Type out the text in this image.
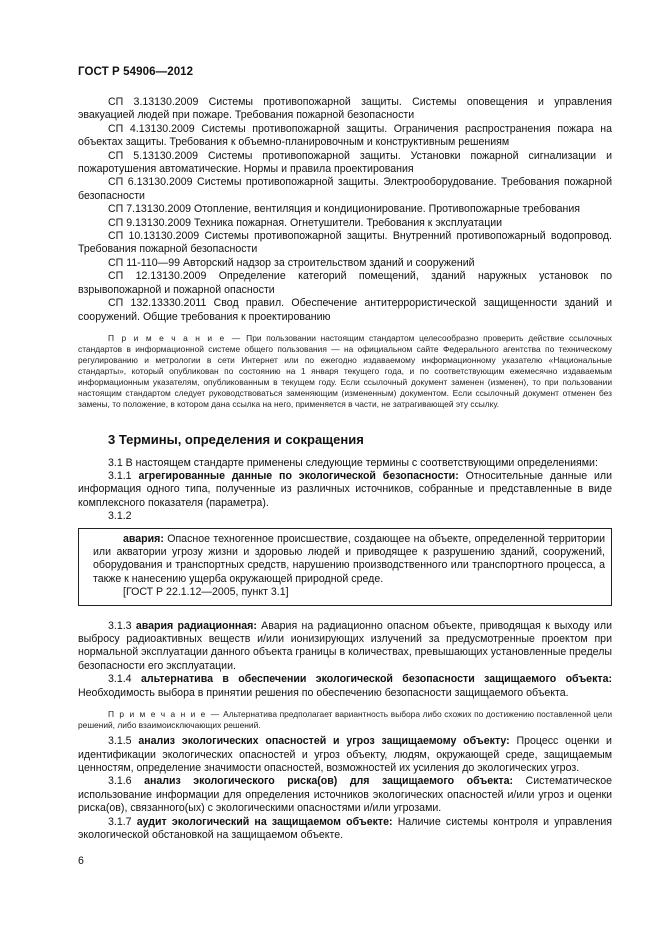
ГОСТ Р 54906—2012

СП 3.13130.2009 Системы противопожарной защиты. Системы оповещения и управления эвакуацией людей при пожаре. Требования пожарной безопасности

СП 4.13130.2009 Системы противопожарной защиты. Ограничения распространения пожара на объектах защиты. Требования к объемно-планировочным и конструктивным решениям

СП 5.13130.2009 Системы противопожарной защиты. Установки пожарной сигнализации и пожаротушения автоматические. Нормы и правила проектирования

СП 6.13130.2009 Системы противопожарной защиты. Электрооборудование. Требования пожарной безопасности

СП 7.13130.2009 Отопление, вентиляция и кондиционирование. Противопожарные требования

СП 9.13130.2009 Техника пожарная. Огнетушители. Требования к эксплуатации

СП 10.13130.2009 Системы противопожарной защиты. Внутренний противопожарный водопровод. Требования пожарной безопасности

СП 11-110—99 Авторский надзор за строительством зданий и сооружений

СП 12.13130.2009 Определение категорий помещений, зданий наружных установок по взрывопожарной и пожарной опасности

СП 132.13330.2011 Свод правил. Обеспечение антитеррористической защищенности зданий и сооружений. Общие требования к проектированию

П р и м е ч а н и е — При пользовании настоящим стандартом целесообразно проверить действие ссылочных стандартов в информационной системе общего пользования — на официальном сайте Федерального агентства по техническому регулированию и метрологии в сети Интернет или по ежегодно издаваемому информационному указателю «Национальные стандарты», который опубликован по состоянию на 1 января текущего года, и по соответствующим ежемесячно издаваемым информационным указателям, опубликованным в текущем году. Если ссылочный документ заменен (изменен), то при пользовании настоящим стандартом следует руководствоваться заменяющим (измененным) документом. Если ссылочный документ отменен без замены, то положение, в котором дана ссылка на него, применяется в части, не затрагивающей эту ссылку.

3 Термины, определения и сокращения

3.1 В настоящем стандарте применены следующие термины с соответствующими определениями:

3.1.1 агрегированные данные по экологической безопасности: Относительные данные или информация одного типа, полученные из различных источников, собранные и представленные в виде комплексного показателя (параметра).

3.1.2

авария: Опасное техногенное происшествие, создающее на объекте, определенной территории или акватории угрозу жизни и здоровью людей и приводящее к разрушению зданий, сооружений, оборудования и транспортных средств, нарушению производственного или транспортного процесса, а также к нанесению ущерба окружающей природной среде.

[ГОСТ Р 22.1.12—2005, пункт 3.1]

3.1.3 авария радиационная: Авария на радиационно опасном объекте, приводящая к выходу или выбросу радиоактивных веществ и/или ионизирующих излучений за предусмотренные проектом при нормальной эксплуатации данного объекта границы в количествах, превышающих установленные пределы безопасности его эксплуатации.

3.1.4 альтернатива в обеспечении экологической безопасности защищаемого объекта: Необходимость выбора в принятии решения по обеспечению безопасности защищаемого объекта.

П р и м е ч а н и е — Альтернатива предполагает вариантность выбора либо схожих по достижению поставленной цели решений, либо взаимоисключающих решений.

3.1.5 анализ экологических опасностей и угроз защищаемому объекту: Процесс оценки и идентификации экологических опасностей и угроз объекту, людям, окружающей среде, защищаемым ценностям, определение значимости опасностей, возможностей их усиления до экологических угроз.

3.1.6 анализ экологического риска(ов) для защищаемого объекта: Систематическое использование информации для определения источников экологических опасностей и/или угроз и оценки риска(ов), связанного(ых) с экологическими опасностями и/или угрозами.

3.1.7 аудит экологический на защищаемом объекте: Наличие системы контроля и управления экологической обстановкой на защищаемом объекте.

6
